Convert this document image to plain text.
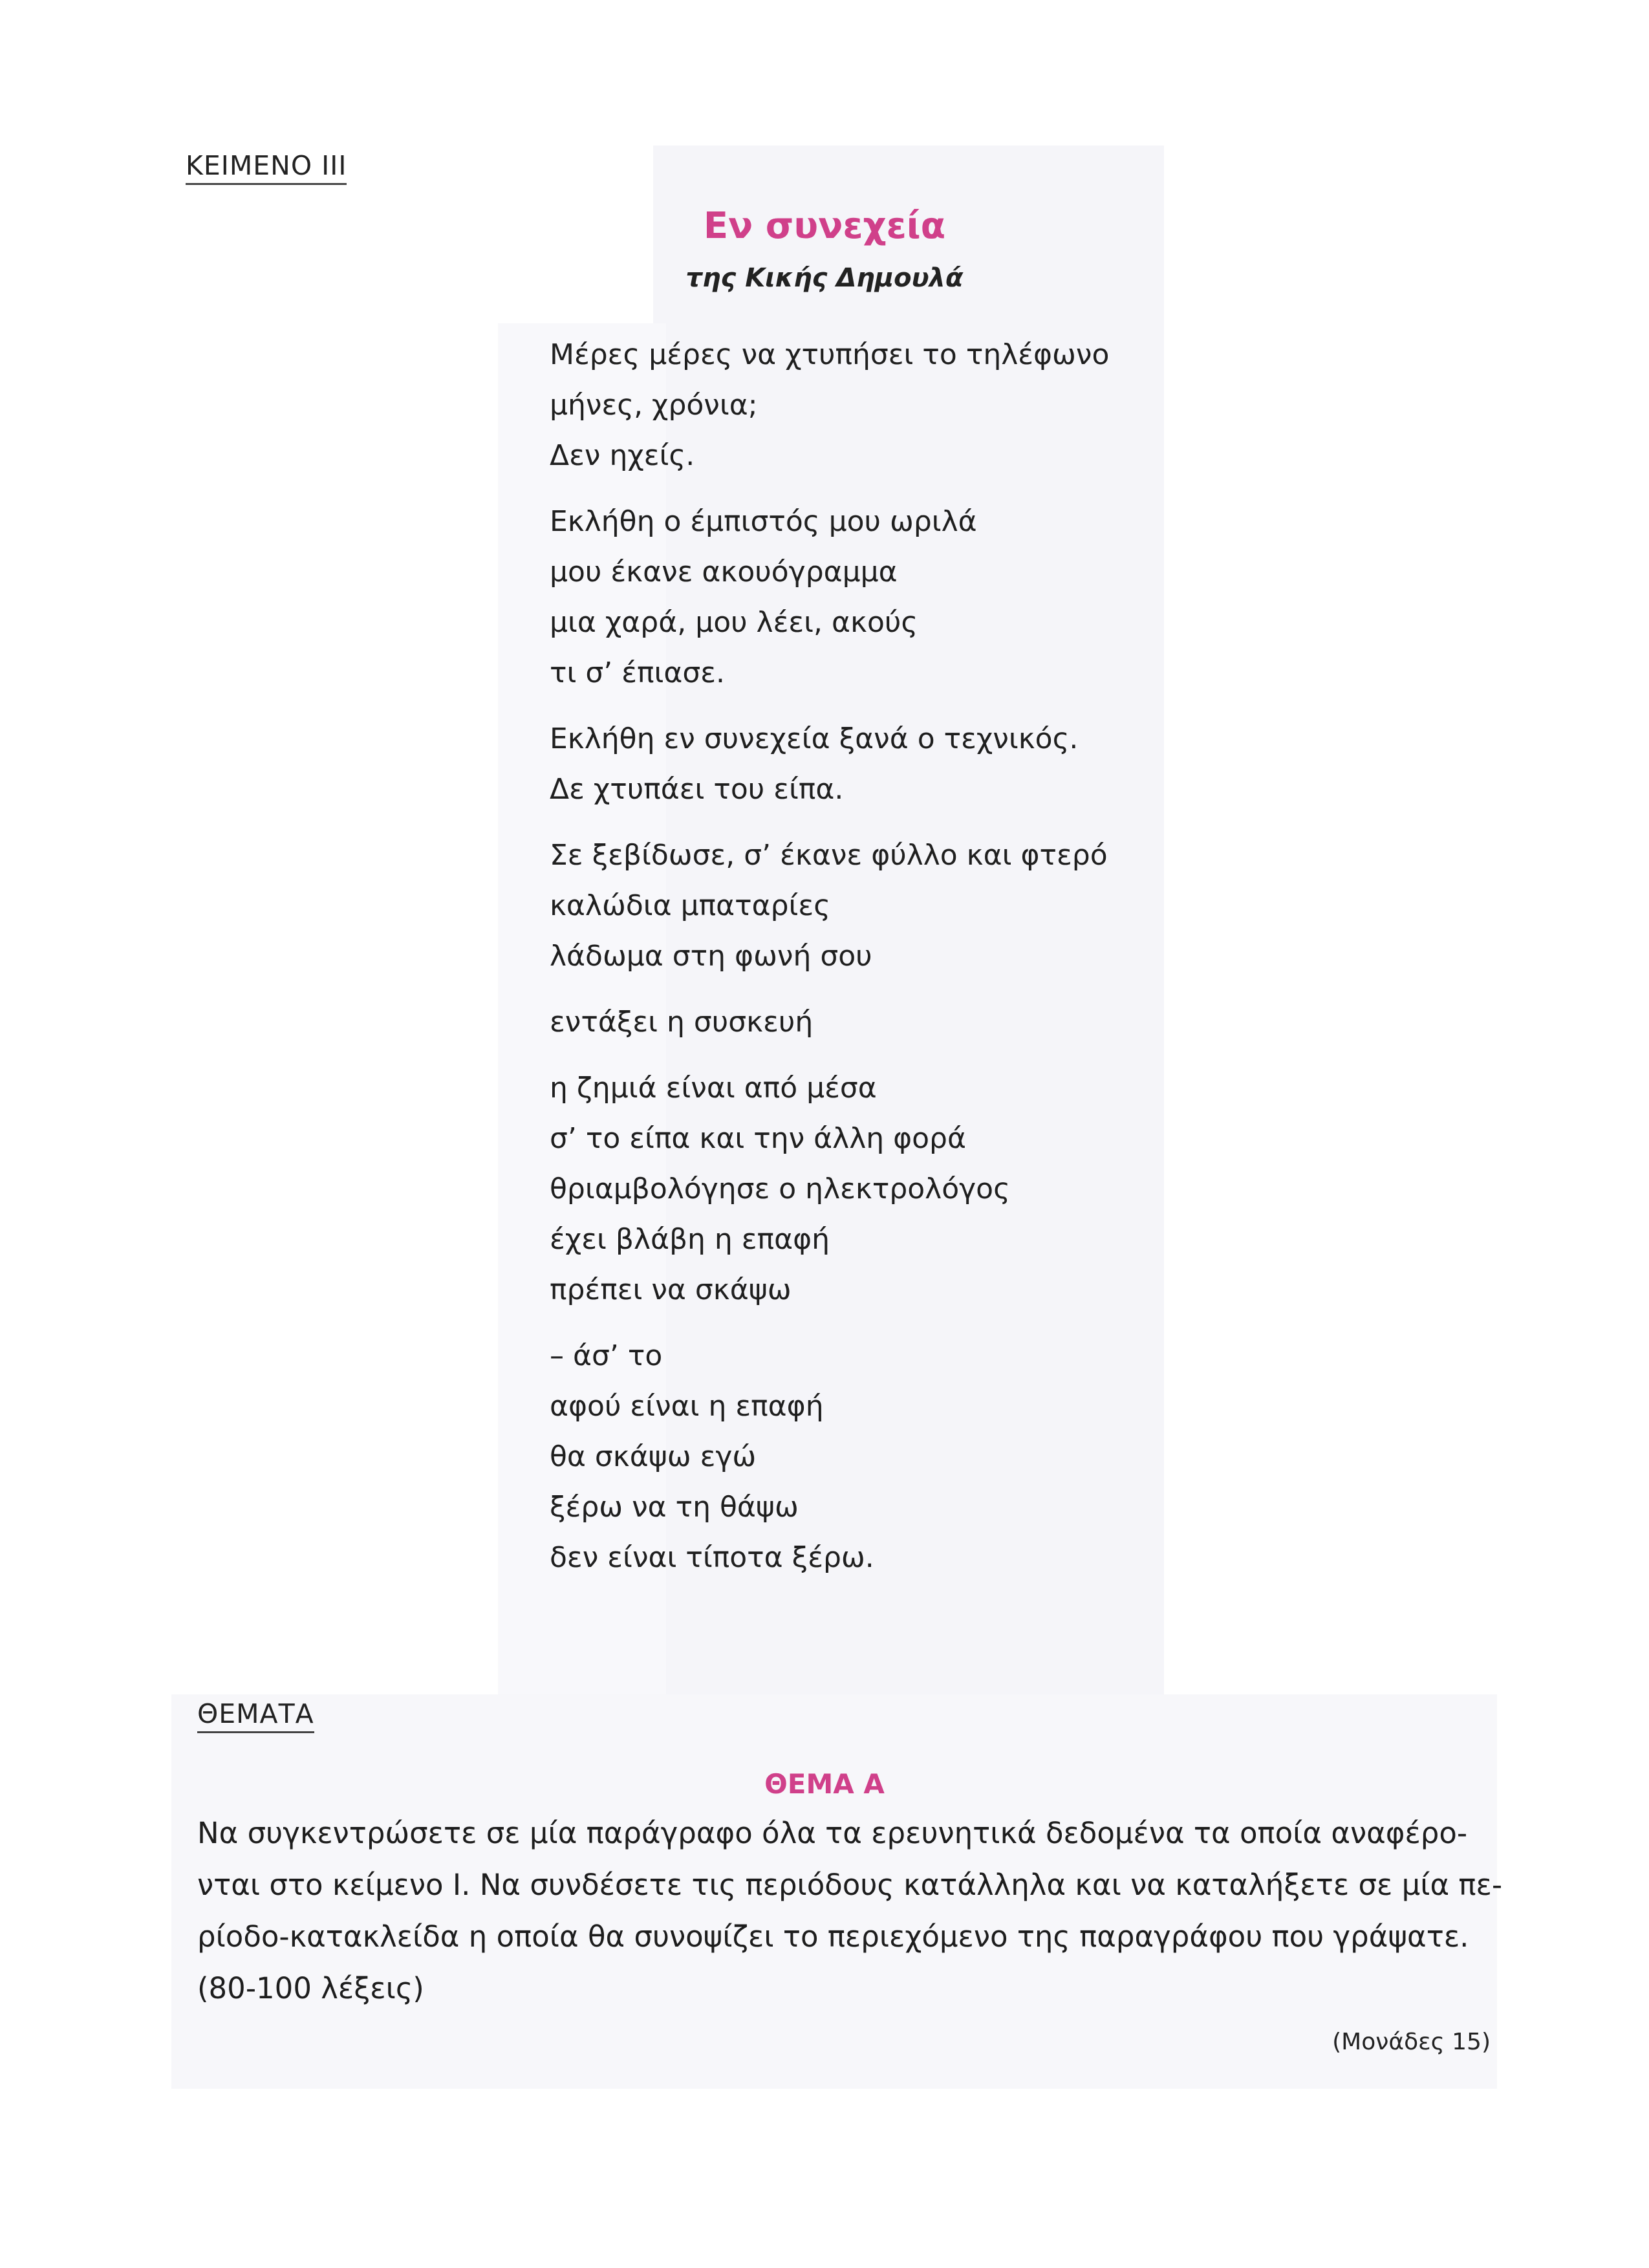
ΚΕΙΜΕΝΟ ΙΙΙ
Εν συνεχεία
της Κικής Δημουλά
Μέρες μέρες να χτυπήσει το τηλέφωνο
μήνες, χρόνια;
Δεν ηχείς.
Εκλήθη ο έμπιστός μου ωριλά
μου έκανε ακουόγραμμα
μια χαρά, μου λέει, ακούς
τι σ’ έπιασε.
Εκλήθη εν συνεχεία ξανά ο τεχνικός.
Δε χτυπάει του είπα.
Σε ξεβίδωσε, σ’ έκανε φύλλο και φτερό
καλώδια μπαταρίες
λάδωμα στη φωνή σου
εντάξει η συσκευή
η ζημιά είναι από μέσα
σ’ το είπα και την άλλη φορά
θριαμβολόγησε ο ηλεκτρολόγος
έχει βλάβη η επαφή
πρέπει να σκάψω
– άσ’ το
αφού είναι η επαφή
θα σκάψω εγώ
ξέρω να τη θάψω
δεν είναι τίποτα ξέρω.
ΘΕΜΑΤΑ
ΘΕΜΑ Α
Να συγκεντρώσετε σε μία παράγραφο όλα τα ερευνητικά δεδομένα τα οποία αναφέρο-
νται στο κείμενο Ι. Να συνδέσετε τις περιόδους κατάλληλα και να καταλήξετε σε μία πε-
ρίοδο-κατακλείδα η οποία θα συνοψίζει το περιεχόμενο της παραγράφου που γράψατε.
(80-100 λέξεις)
(Μονάδες 15)
